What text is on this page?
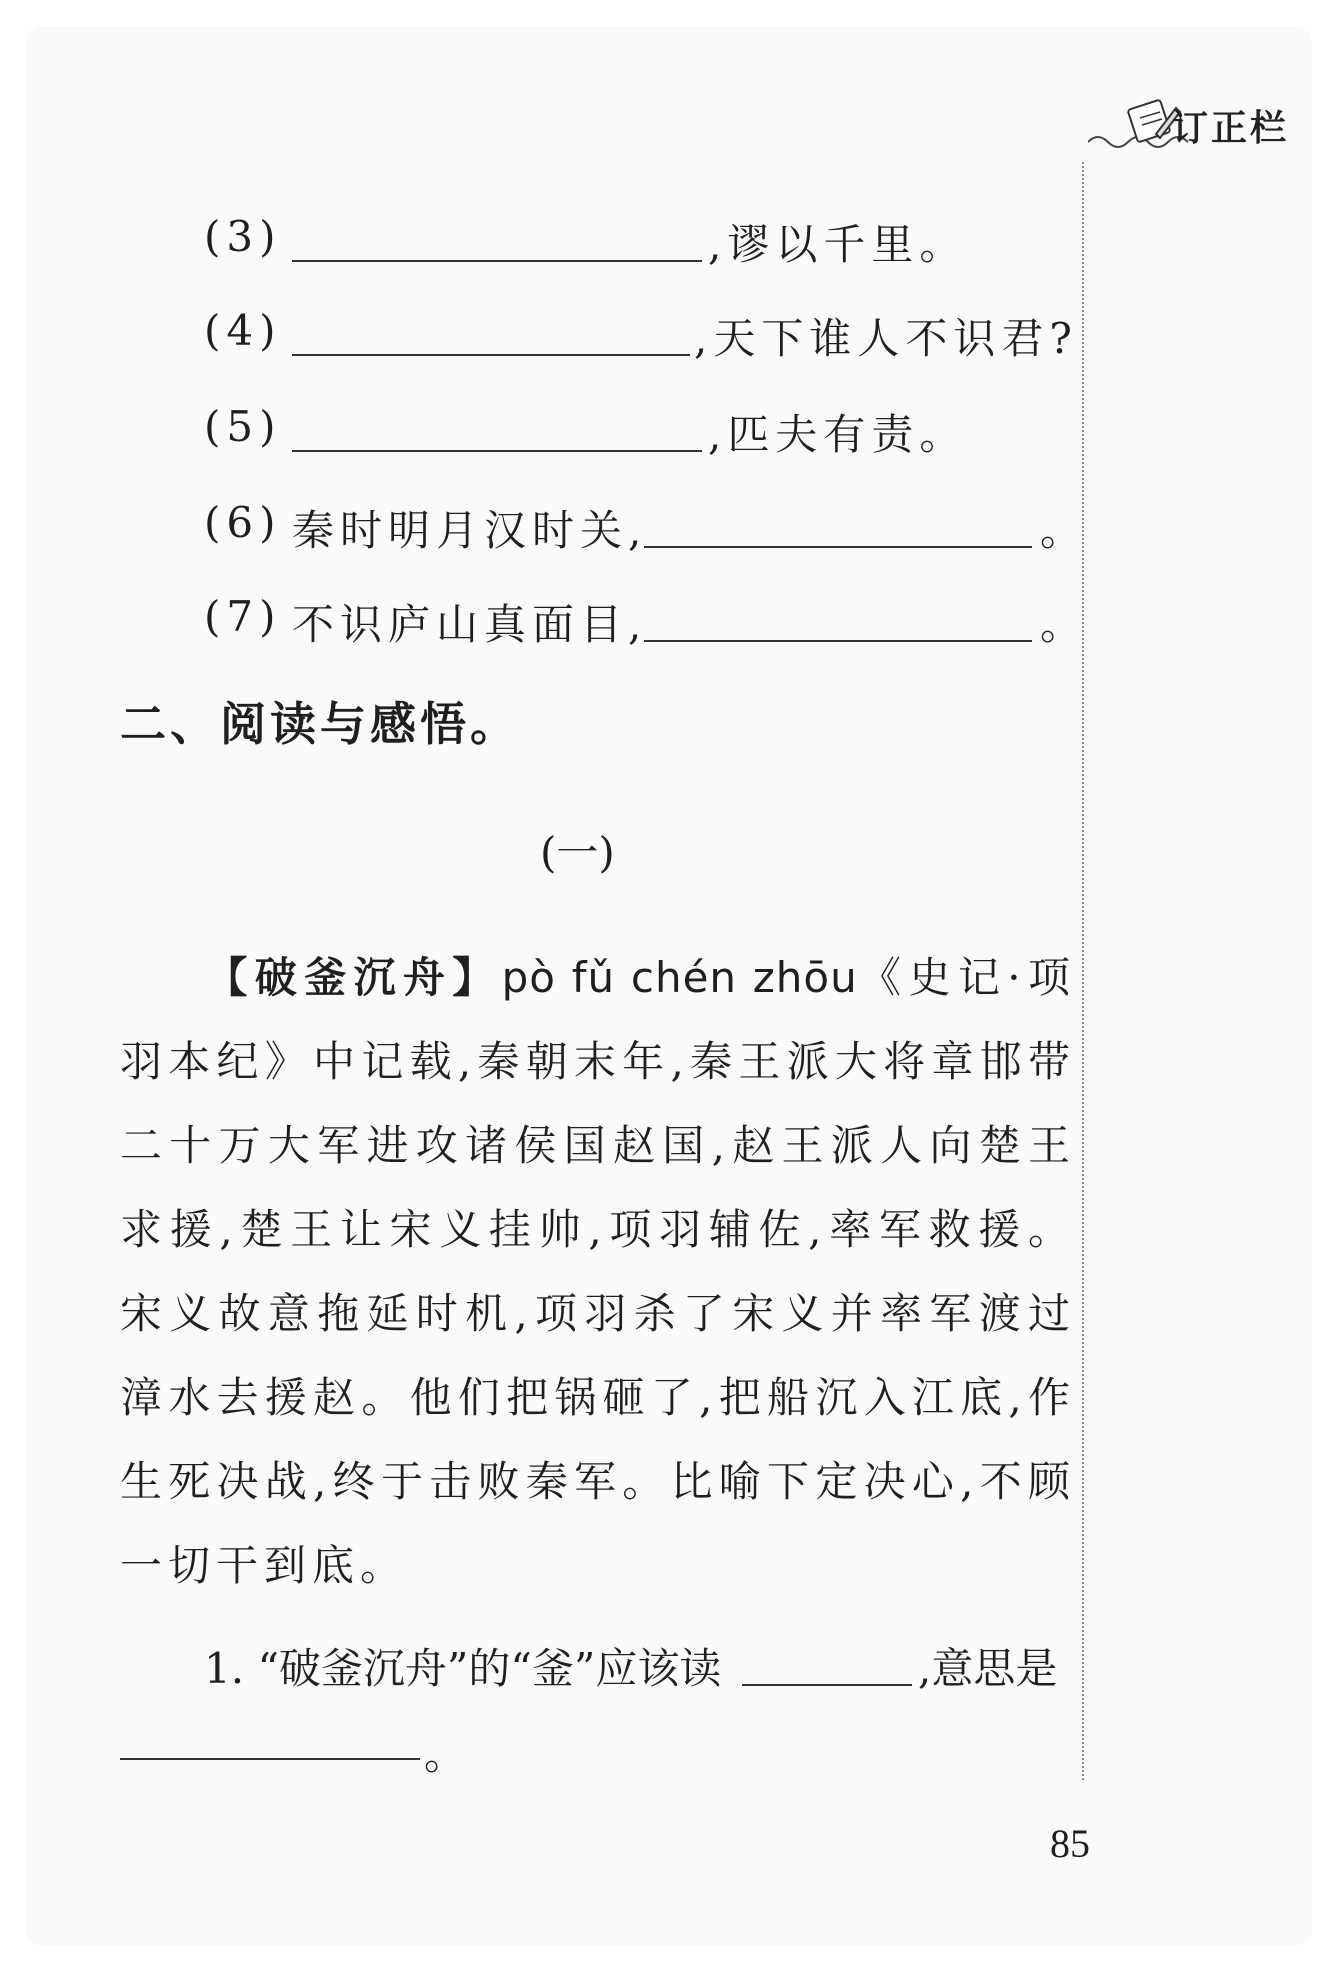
订正栏
(3)	,谬以千里。
(4)	,天下谁人不识君?
(5)	,匹夫有责。
(6) 秦时明月汉时关,	。
(7) 不识庐山真面目,	。
二、阅读与感悟。
(一)
【破釜沉舟】pò fǔ chén zhōu《史记·项羽本纪》中记载,秦朝末年,秦王派大将章邯带二十万大军进攻诸侯国赵国,赵王派人向楚王求援,楚王让宋义挂帅,项羽辅佐,率军救援。宋义故意拖延时机,项羽杀了宋义并率军渡过漳水去援赵。他们把锅砸了,把船沉入江底,作生死决战,终于击败秦军。比喻下定决心,不顾一切干到底。
1. “破釜沉舟”的“釜”应该读	,意思是
。
85
